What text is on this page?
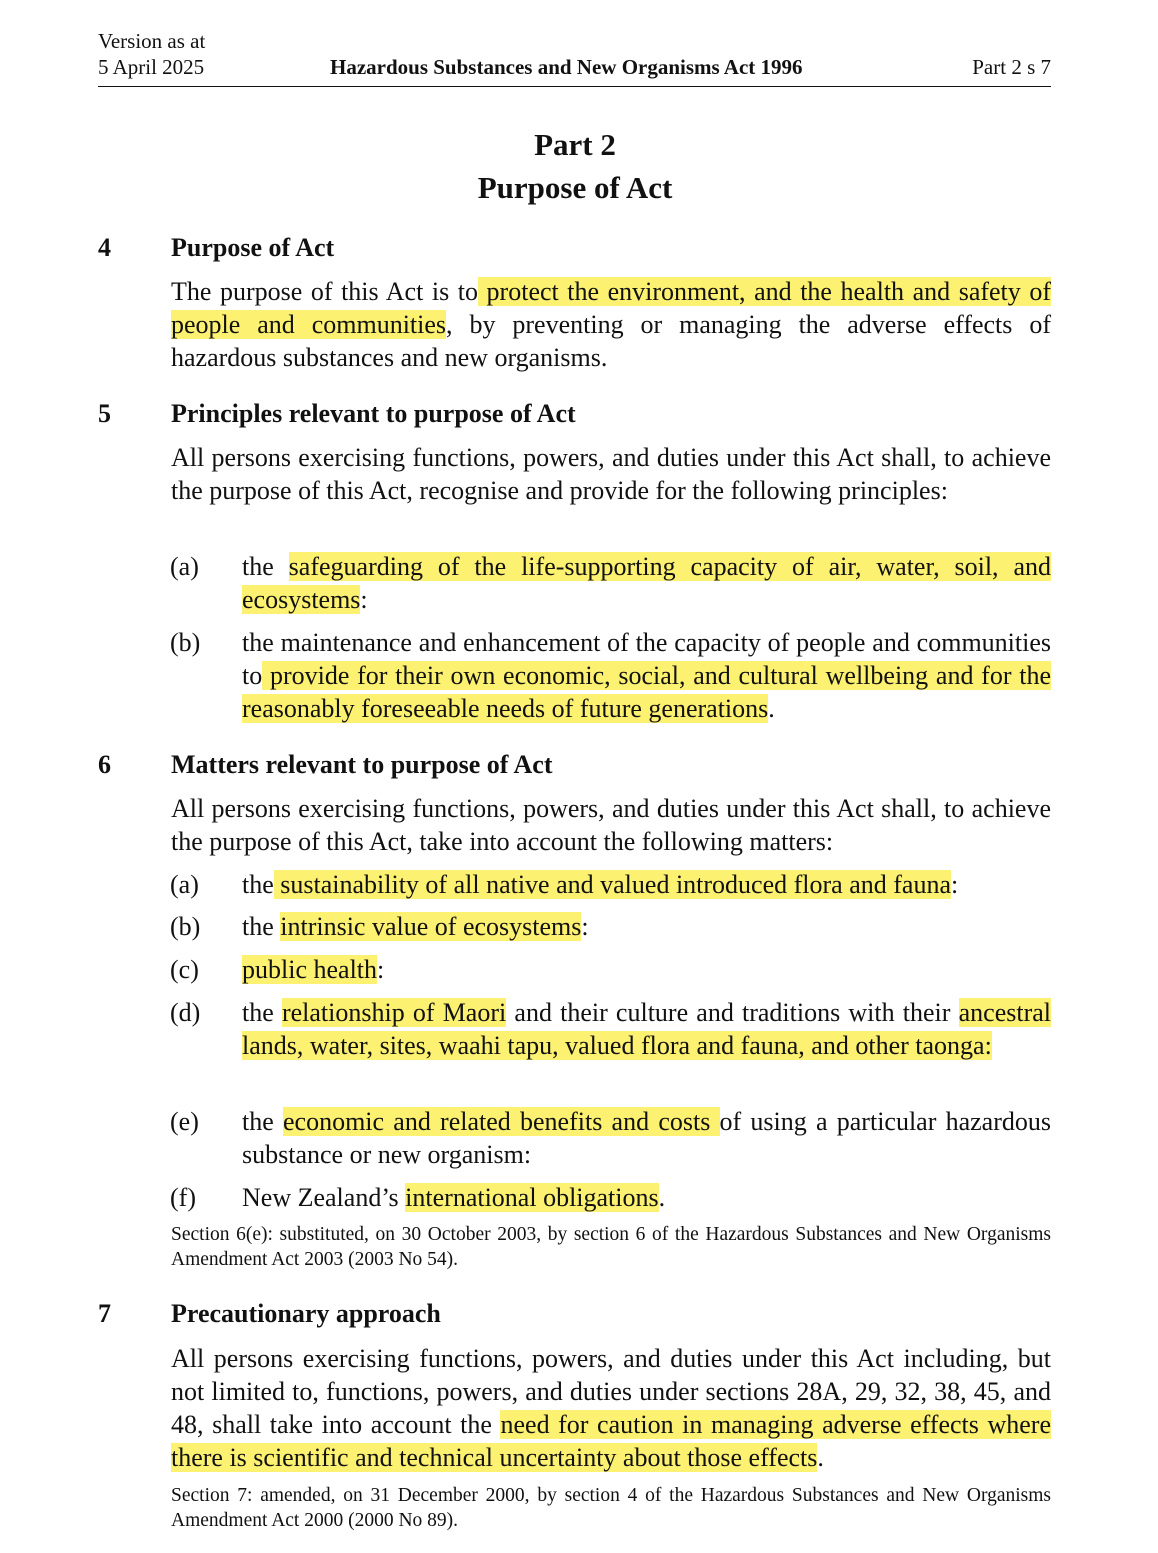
Version as at
5 April 2025	Hazardous Substances and New Organisms Act 1996	Part 2 s 7
Part 2
Purpose of Act
4 Purpose of Act
The purpose of this Act is to protect the environment, and the health and safety of people and communities, by preventing or managing the adverse effects of hazardous substances and new organisms.
5 Principles relevant to purpose of Act
All persons exercising functions, powers, and duties under this Act shall, to achieve the purpose of this Act, recognise and provide for the following principles:
(a) the safeguarding of the life-supporting capacity of air, water, soil, and ecosystems:
(b) the maintenance and enhancement of the capacity of people and communities to provide for their own economic, social, and cultural wellbeing and for the reasonably foreseeable needs of future generations.
6 Matters relevant to purpose of Act
All persons exercising functions, powers, and duties under this Act shall, to achieve the purpose of this Act, take into account the following matters:
(a) the sustainability of all native and valued introduced flora and fauna:
(b) the intrinsic value of ecosystems:
(c) public health:
(d) the relationship of Maori and their culture and traditions with their ancestral lands, water, sites, waahi tapu, valued flora and fauna, and other taonga:
(e) the economic and related benefits and costs of using a particular hazardous substance or new organism:
(f) New Zealand’s international obligations.
Section 6(e): substituted, on 30 October 2003, by section 6 of the Hazardous Substances and New Organisms Amendment Act 2003 (2003 No 54).
7 Precautionary approach
All persons exercising functions, powers, and duties under this Act including, but not limited to, functions, powers, and duties under sections 28A, 29, 32, 38, 45, and 48, shall take into account the need for caution in managing adverse effects where there is scientific and technical uncertainty about those effects.
Section 7: amended, on 31 December 2000, by section 4 of the Hazardous Substances and New Organisms Amendment Act 2000 (2000 No 89).
